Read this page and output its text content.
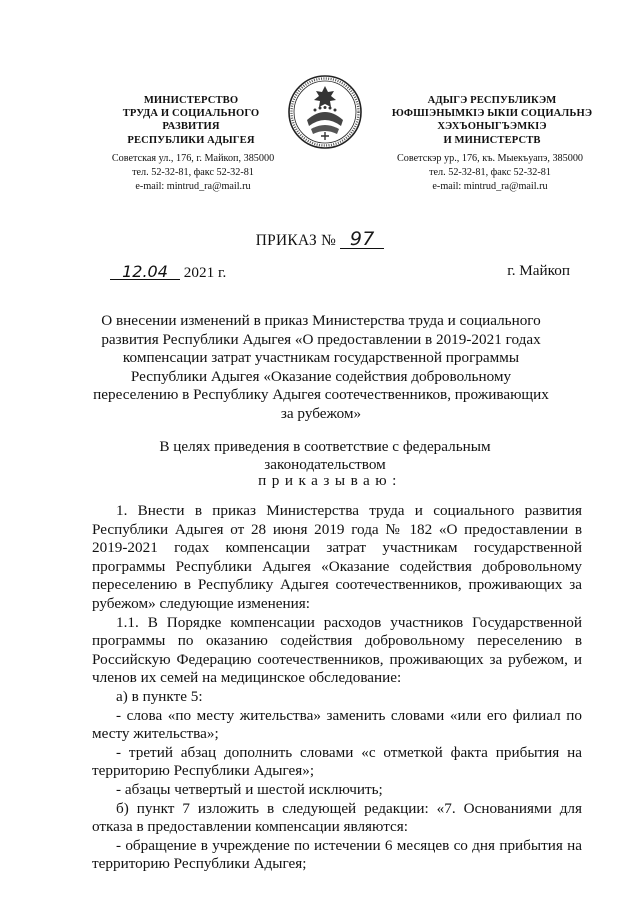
МИНИСТЕРСТВО
ТРУДА И СОЦИАЛЬНОГО
РАЗВИТИЯ
РЕСПУБЛИКИ АДЫГЕЯ
Советская ул., 176, г. Майкоп, 385000
тел. 52-32-81, факс 52-32-81
e-mail: mintrud_ra@mail.ru
АДЫГЭ РЕСПУБЛИКЭМ
ЮФШІЭНЫМКІЭ ЫКІИ СОЦИАЛЬНЭ
ХЭХЪОНЫГЪЭМКІЭ
И МИНИСТЕРСТВ
Советскэр ур., 176, къ. Мыекъуапэ, 385000
тел. 52-32-81, факс 52-32-81
e-mail: mintrud_ra@mail.ru
ПРИКАЗ № 97
12.04 2021 г.	г. Майкоп
О внесении изменений в приказ Министерства труда и социального развития Республики Адыгея «О предоставлении в 2019-2021 годах компенсации затрат участникам государственной программы Республики Адыгея «Оказание содействия добровольному переселению в Республику Адыгея соотечественников, проживающих за рубежом»
В целях приведения в соответствие с федеральным законодательством
приказываю:

1. Внести в приказ Министерства труда и социального развития Республики Адыгея от 28 июня 2019 года № 182 «О предоставлении в 2019-2021 годах компенсации затрат участникам государственной программы Республики Адыгея «Оказание содействия добровольному переселению в Республику Адыгея соотечественников, проживающих за рубежом» следующие изменения:

1.1. В Порядке компенсации расходов участников Государственной программы по оказанию содействия добровольному переселению в Российскую Федерацию соотечественников, проживающих за рубежом, и членов их семей на медицинское обследование:

а) в пункте 5:

- слова «по месту жительства» заменить словами «или его филиал по месту жительства»;

- третий абзац дополнить словами «с отметкой факта прибытия на территорию Республики Адыгея»;

- абзацы четвертый и шестой исключить;

б) пункт 7 изложить в следующей редакции: «7. Основаниями для отказа в предоставлении компенсации являются:

- обращение в учреждение по истечении 6 месяцев со дня прибытия на территорию Республики Адыгея;
